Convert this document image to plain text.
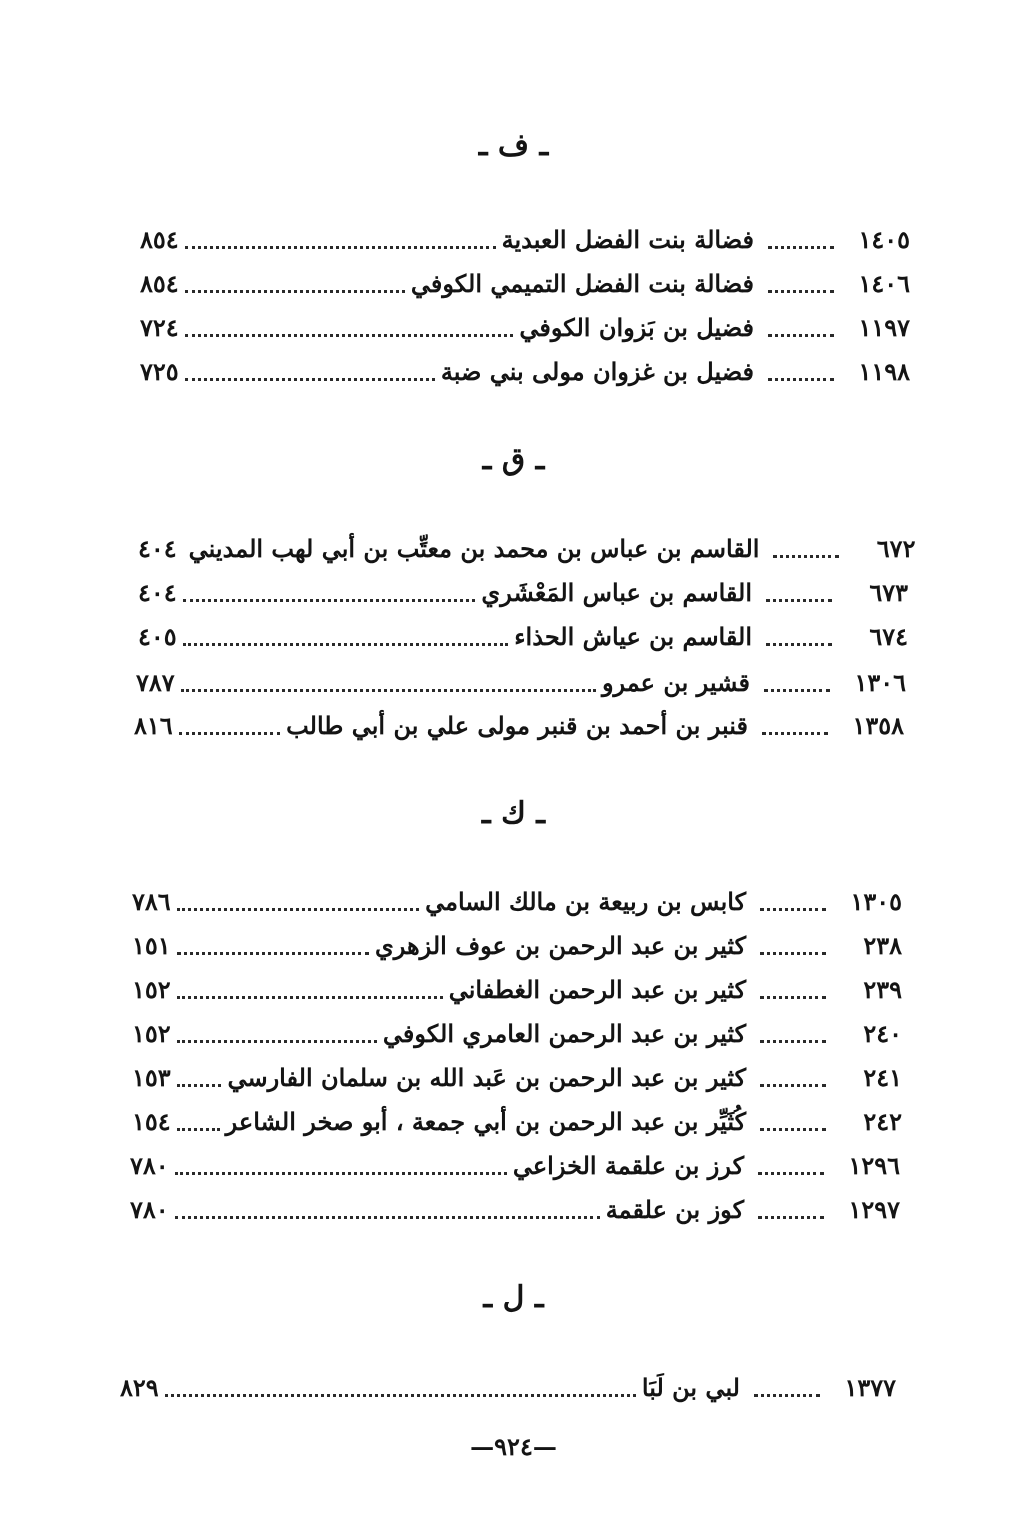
ـ ف ـ
٨٥٤	فضالة بنت الفضل العبدية	١٤٠٥
٨٥٤	فضالة بنت الفضل التميمي الكوفي	١٤٠٦
٧٢٤	فضيل بن بَزوان الكوفي	١١٩٧
٧٢٥	فضيل بن غزوان مولى بني ضبة	١١٩٨
ـ ق ـ
٤٠٤ القاسم بن عباس بن محمد بن معتِّب بن أبي لهب المديني	٦٧٢
٤٠٤	القاسم بن عباس المَعْشَري	٦٧٣
٤٠٥	القاسم بن عياش الحذاء	٦٧٤
٧٨٧	قشير بن عمرو	١٣٠٦
٨١٦	قنبر بن أحمد بن قنبر مولى علي بن أبي طالب	١٣٥٨
ـ ك ـ
٧٨٦	كابس بن ربيعة بن مالك السامي	١٣٠٥
١٥١	كثير بن عبد الرحمن بن عوف الزهري	٢٣٨
١٥٢	كثير بن عبد الرحمن الغطفاني	٢٣٩
١٥٢	كثير بن عبد الرحمن العامري الكوفي	٢٤٠
١٥٣ كثير بن عبد الرحمن بن عَبد الله بن سلمان الفارسي	٢٤١
١٥٤ كُثَيِّر بن عبد الرحمن بن أبي جمعة ، أبو صخر الشاعر	٢٤٢
٧٨٠	كرز بن علقمة الخزاعي	١٢٩٦
٧٨٠	كوز بن علقمة	١٢٩٧
ـ ل ـ
٨٢٩	لبي بن لَبَا	١٣٧٧
—٩٢٤—
